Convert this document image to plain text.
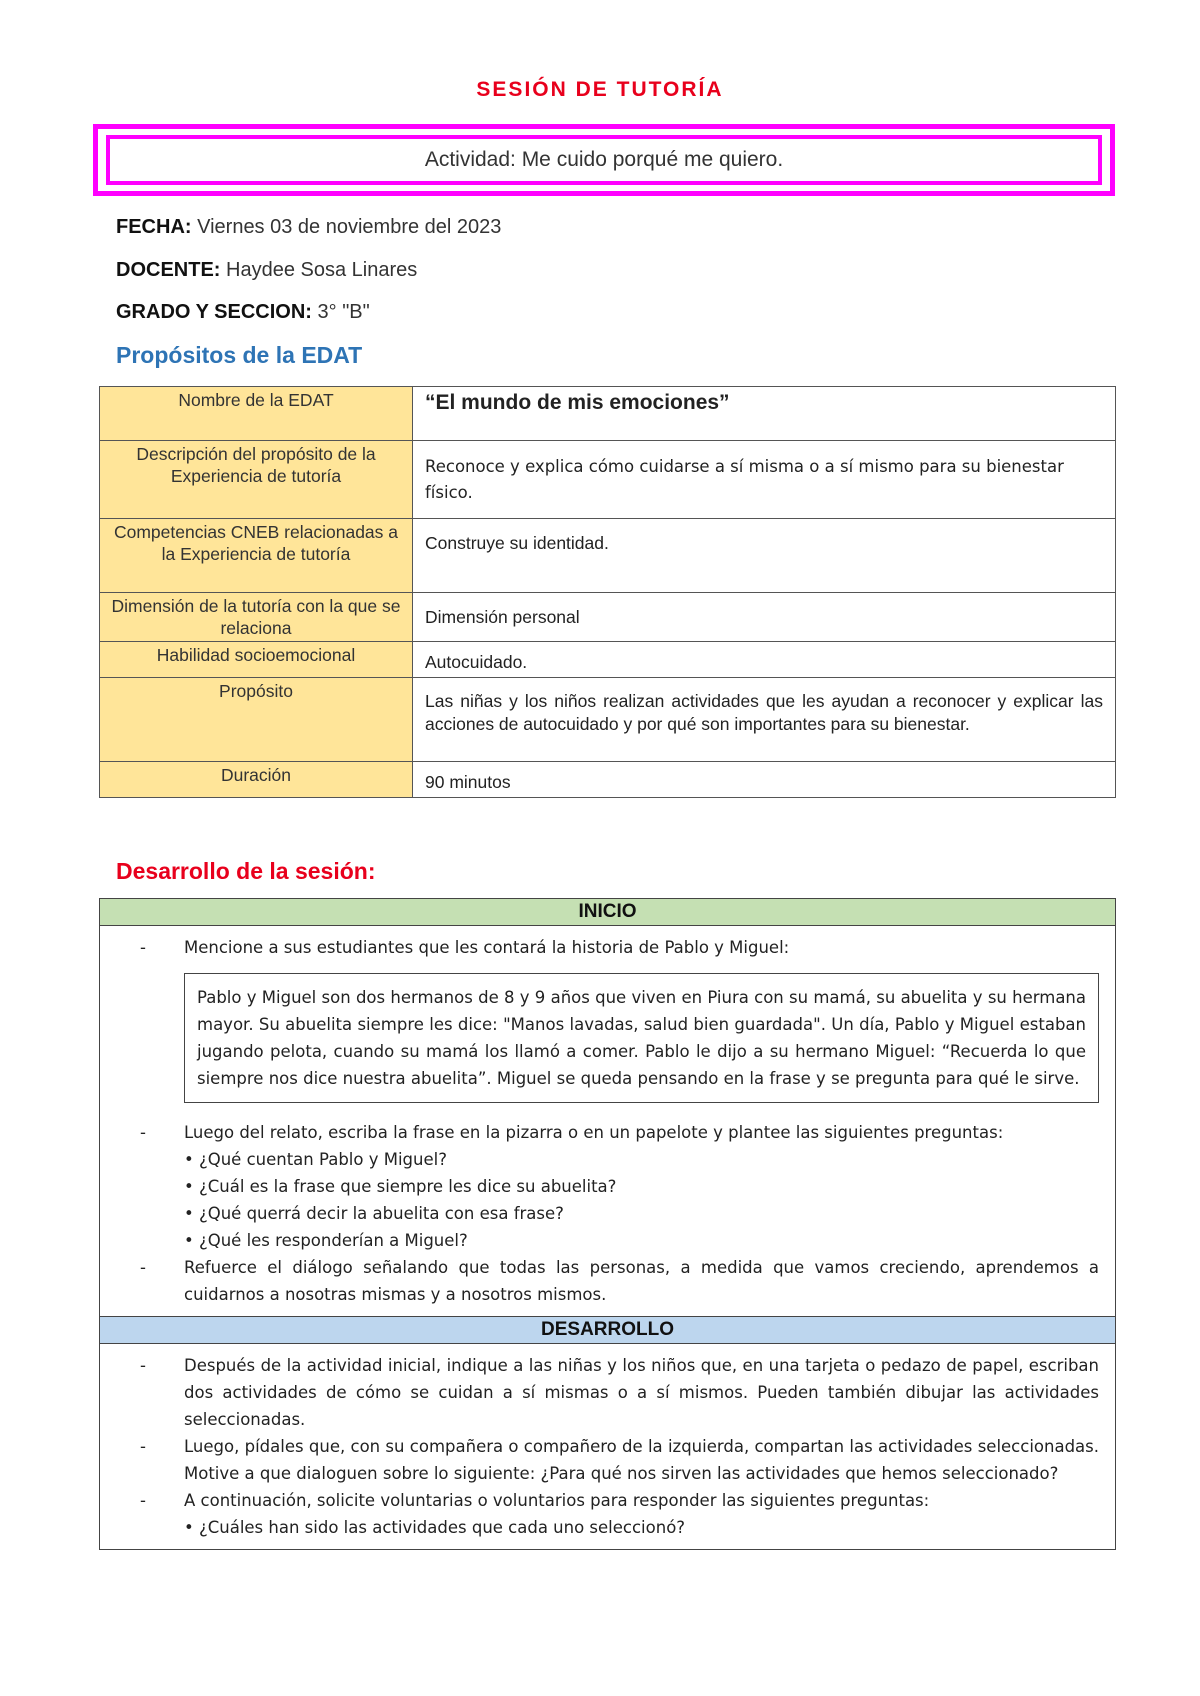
SESIÓN DE TUTORÍA
Actividad: Me cuido porqué me quiero.
FECHA: Viernes 03 de noviembre del 2023
DOCENTE: Haydee Sosa Linares
GRADO Y SECCION: 3° "B"
Propósitos de la EDAT
Nombre de la EDAT	“El mundo de mis emociones”
Descripción del propósito de la Experiencia de tutoría	Reconoce y explica cómo cuidarse a sí misma o a sí mismo para su bienestar físico.
Competencias CNEB relacionadas a la Experiencia de tutoría	Construye su identidad.
Dimensión de la tutoría con la que se relaciona	Dimensión personal
Habilidad socioemocional	Autocuidado.
Propósito	Las niñas y los niños realizan actividades que les ayudan a reconocer y explicar las acciones de autocuidado y por qué son importantes para su bienestar.
Duración	90 minutos
Desarrollo de la sesión:
INICIO
-	Mencione a sus estudiantes que les contará la historia de Pablo y Miguel:
Pablo y Miguel son dos hermanos de 8 y 9 años que viven en Piura con su mamá, su abuelita y su hermana mayor. Su abuelita siempre les dice: "Manos lavadas, salud bien guardada". Un día, Pablo y Miguel estaban jugando pelota, cuando su mamá los llamó a comer. Pablo le dijo a su hermano Miguel: “Recuerda lo que siempre nos dice nuestra abuelita”. Miguel se queda pensando en la frase y se pregunta para qué le sirve.
-	Luego del relato, escriba la frase en la pizarra o en un papelote y plantee las siguientes preguntas:
• ¿Qué cuentan Pablo y Miguel?
• ¿Cuál es la frase que siempre les dice su abuelita?
• ¿Qué querrá decir la abuelita con esa frase?
• ¿Qué les responderían a Miguel?
-	Refuerce el diálogo señalando que todas las personas, a medida que vamos creciendo, aprendemos a cuidarnos a nosotras mismas y a nosotros mismos.
DESARROLLO
-	Después de la actividad inicial, indique a las niñas y los niños que, en una tarjeta o pedazo de papel, escriban dos actividades de cómo se cuidan a sí mismas o a sí mismos. Pueden también dibujar las actividades seleccionadas.
-	Luego, pídales que, con su compañera o compañero de la izquierda, compartan las actividades seleccionadas. Motive a que dialoguen sobre lo siguiente: ¿Para qué nos sirven las actividades que hemos seleccionado?
-	A continuación, solicite voluntarias o voluntarios para responder las siguientes preguntas:
• ¿Cuáles han sido las actividades que cada uno seleccionó?
